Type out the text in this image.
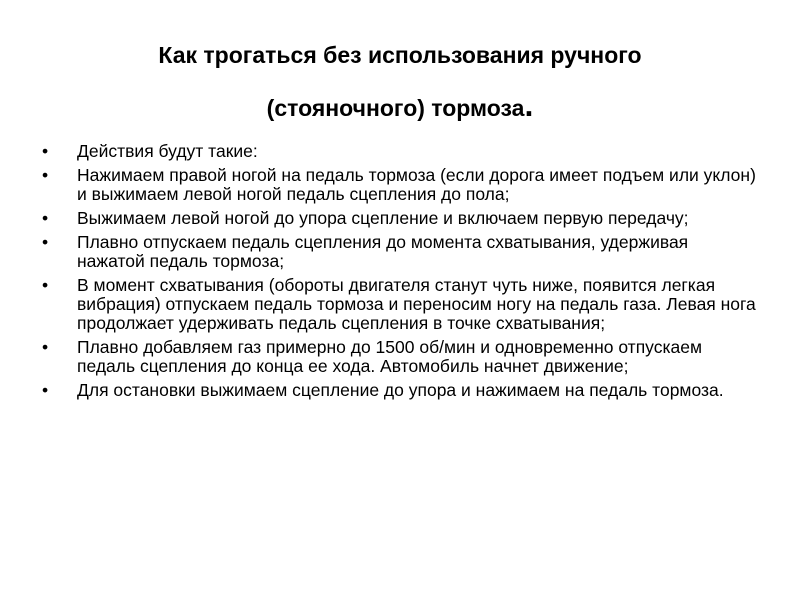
Как трогаться без использования ручного
(стояночного) тормоза.
• Действия будут такие:
• Нажимаем правой ногой на педаль тормоза (если дорога имеет подъем или уклон) и выжимаем левой ногой педаль сцепления до пола;
• Выжимаем левой ногой до упора сцепление и включаем первую передачу;
• Плавно отпускаем педаль сцепления до момента схватывания, удерживая нажатой педаль тормоза;
• В момент схватывания (обороты двигателя станут чуть ниже, появится легкая вибрация) отпускаем педаль тормоза и переносим ногу на педаль газа. Левая нога продолжает удерживать педаль сцепления в точке схватывания;
• Плавно добавляем газ примерно до 1500 об/мин и одновременно отпускаем педаль сцепления до конца ее хода. Автомобиль начнет движение;
• Для остановки выжимаем сцепление до упора и нажимаем на педаль тормоза.
